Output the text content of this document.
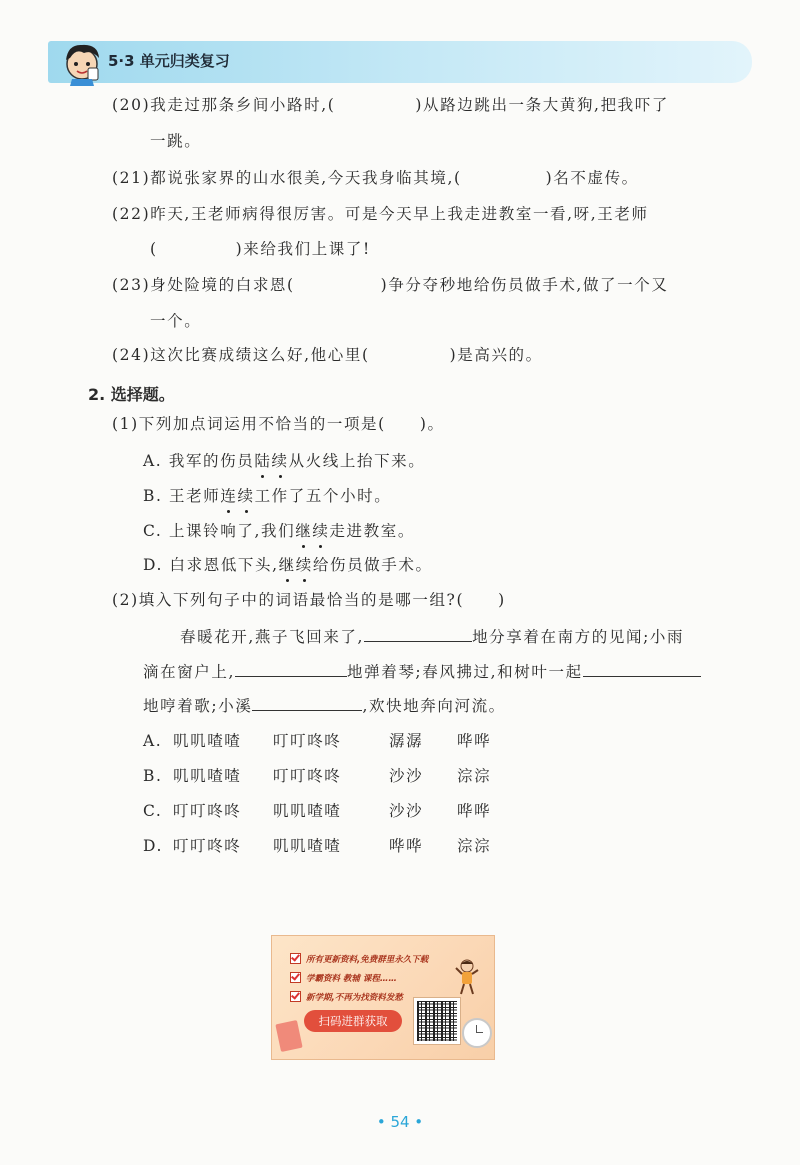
5·3 单元归类复习
(20)我走过那条乡间小路时,(	)从路边跳出一条大黄狗,把我吓了
一跳。
(21)都说张家界的山水很美,今天我身临其境,(	)名不虚传。
(22)昨天,王老师病得很厉害。可是今天早上我走进教室一看,呀,王老师
(	)来给我们上课了!
(23)身处险境的白求恩(	)争分夺秒地给伤员做手术,做了一个又
一个。
(24)这次比赛成绩这么好,他心里(	)是高兴的。
2. 选择题。
(1)下列加点词运用不恰当的一项是( )。
A. 我军的伤员陆续从火线上抬下来。
B. 王老师连续工作了五个小时。
C. 上课铃响了,我们继续走进教室。
D. 白求恩低下头,继续给伤员做手术。
(2)填入下列句子中的词语最恰当的是哪一组?( )
春暖花开,燕子飞回来了,	地分享着在南方的见闻;小雨
滴在窗户上,	地弹着琴;春风拂过,和树叶一起
地哼着歌;小溪	,欢快地奔向河流。
A. 叽叽喳喳 叮叮咚咚	潺潺 哗哗
B. 叽叽喳喳 叮叮咚咚	沙沙 淙淙
C. 叮叮咚咚 叽叽喳喳	沙沙 哗哗
D. 叮叮咚咚 叽叽喳喳	哗哗 淙淙
所有更新资料,免费群里永久下载
学霸资料 教辅 课程……
新学期,不再为找资料发愁
扫码进群获取
• 54 •
